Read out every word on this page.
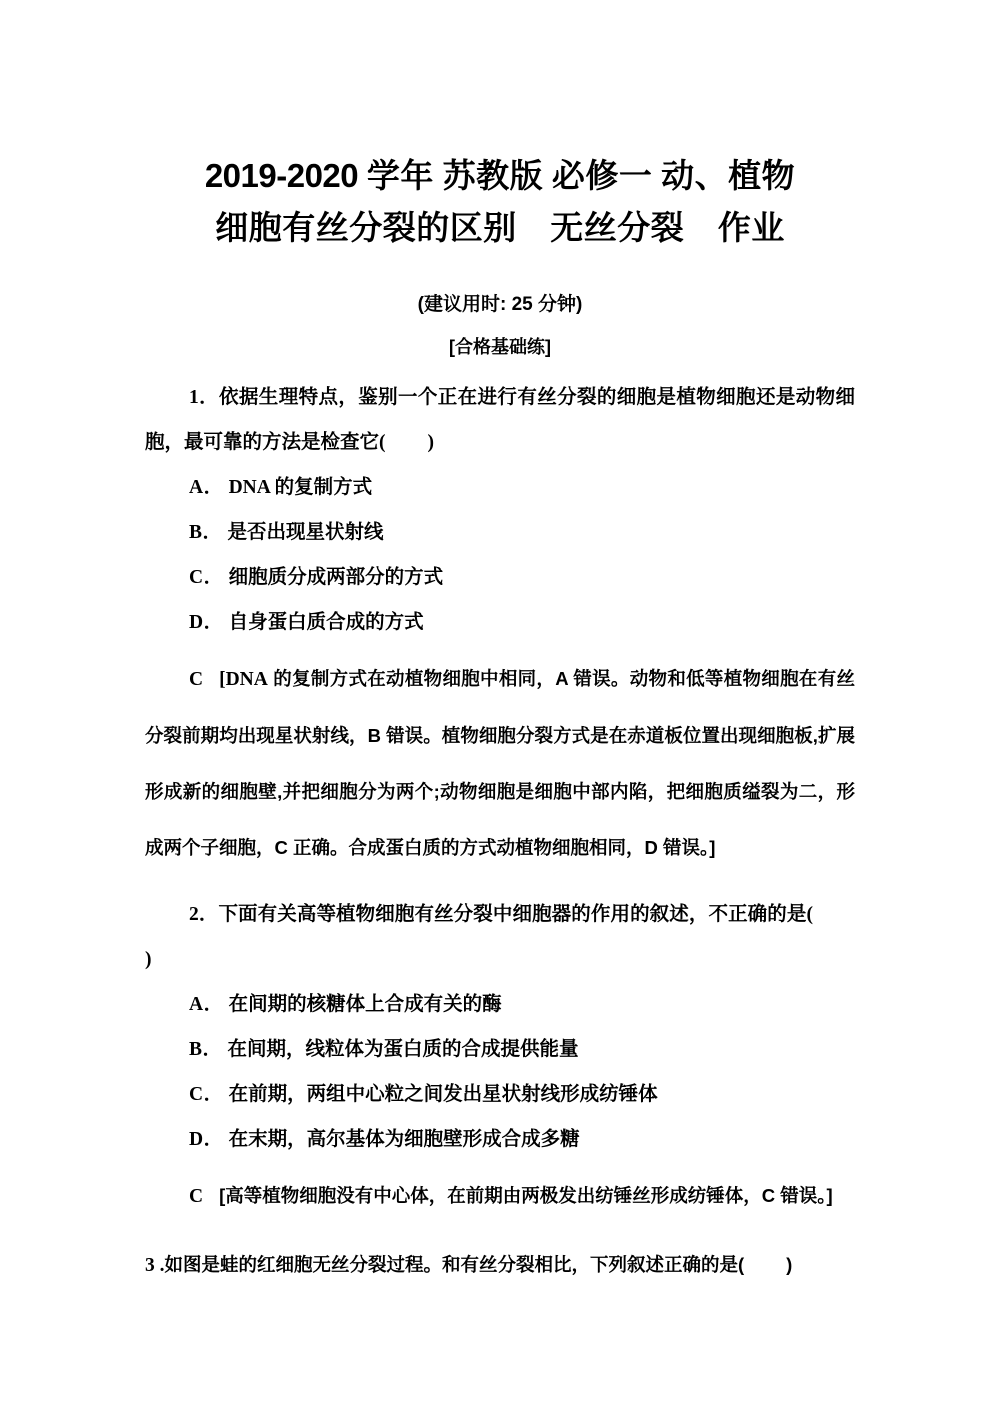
2019-2020 学年 苏教版 必修一 动、植物
细胞有丝分裂的区别　无丝分裂　作业
(建议用时: 25 分钟)
[合格基础练]

1．依据生理特点，鉴别一个正在进行有丝分裂的细胞是植物细胞还是动物细胞，最可靠的方法是检查它( )

A． DNA 的复制方式

B． 是否出现星状射线

C． 细胞质分成两部分的方式

D． 自身蛋白质合成的方式

C [DNA 的复制方式在动植物细胞中相同，A 错误。动物和低等植物细胞在有丝分裂前期均出现星状射线，B 错误。植物细胞分裂方式是在赤道板位置出现细胞板,扩展形成新的细胞壁,并把细胞分为两个;动物细胞是细胞中部内陷，把细胞质缢裂为二，形成两个子细胞，C 正确。合成蛋白质的方式动植物细胞相同，D 错误。]

2．下面有关高等植物细胞有丝分裂中细胞器的作用的叙述，不正确的是()

A． 在间期的核糖体上合成有关的酶

B． 在间期，线粒体为蛋白质的合成提供能量

C． 在前期，两组中心粒之间发出星状射线形成纺锤体

D． 在末期，高尔基体为细胞壁形成合成多糖

C [高等植物细胞没有中心体，在前期由两极发出纺锤丝形成纺锤体，C 错误。]

3 .如图是蛙的红细胞无丝分裂过程。和有丝分裂相比，下列叙述正确的是( )
